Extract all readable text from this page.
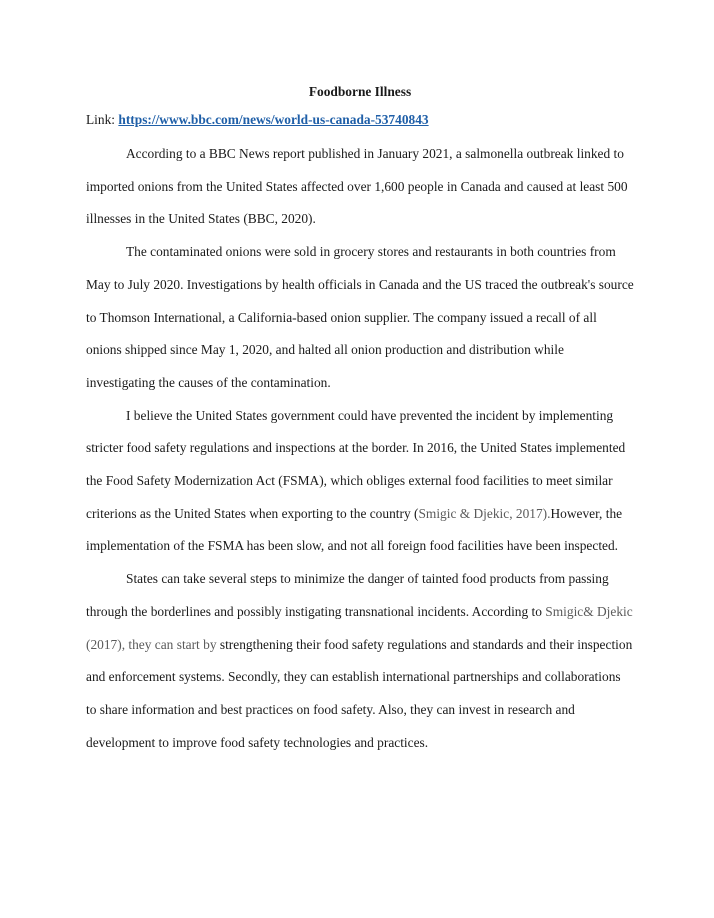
Foodborne Illness
Link: https://www.bbc.com/news/world-us-canada-53740843

According to a BBC News report published in January 2021, a salmonella outbreak linked to imported onions from the United States affected over 1,600 people in Canada and caused at least 500 illnesses in the United States (BBC, 2020).

The contaminated onions were sold in grocery stores and restaurants in both countries from May to July 2020. Investigations by health officials in Canada and the US traced the outbreak's source to Thomson International, a California-based onion supplier. The company issued a recall of all onions shipped since May 1, 2020, and halted all onion production and distribution while investigating the causes of the contamination.

I believe the United States government could have prevented the incident by implementing stricter food safety regulations and inspections at the border. In 2016, the United States implemented the Food Safety Modernization Act (FSMA), which obliges external food facilities to meet similar criterions as the United States when exporting to the country (Smigic & Djekic, 2017).However, the implementation of the FSMA has been slow, and not all foreign food facilities have been inspected.

States can take several steps to minimize the danger of tainted food products from passing through the borderlines and possibly instigating transnational incidents. According to Smigic& Djekic (2017), they can start by strengthening their food safety regulations and standards and their inspection and enforcement systems. Secondly, they can establish international partnerships and collaborations to share information and best practices on food safety. Also, they can invest in research and development to improve food safety technologies and practices.
